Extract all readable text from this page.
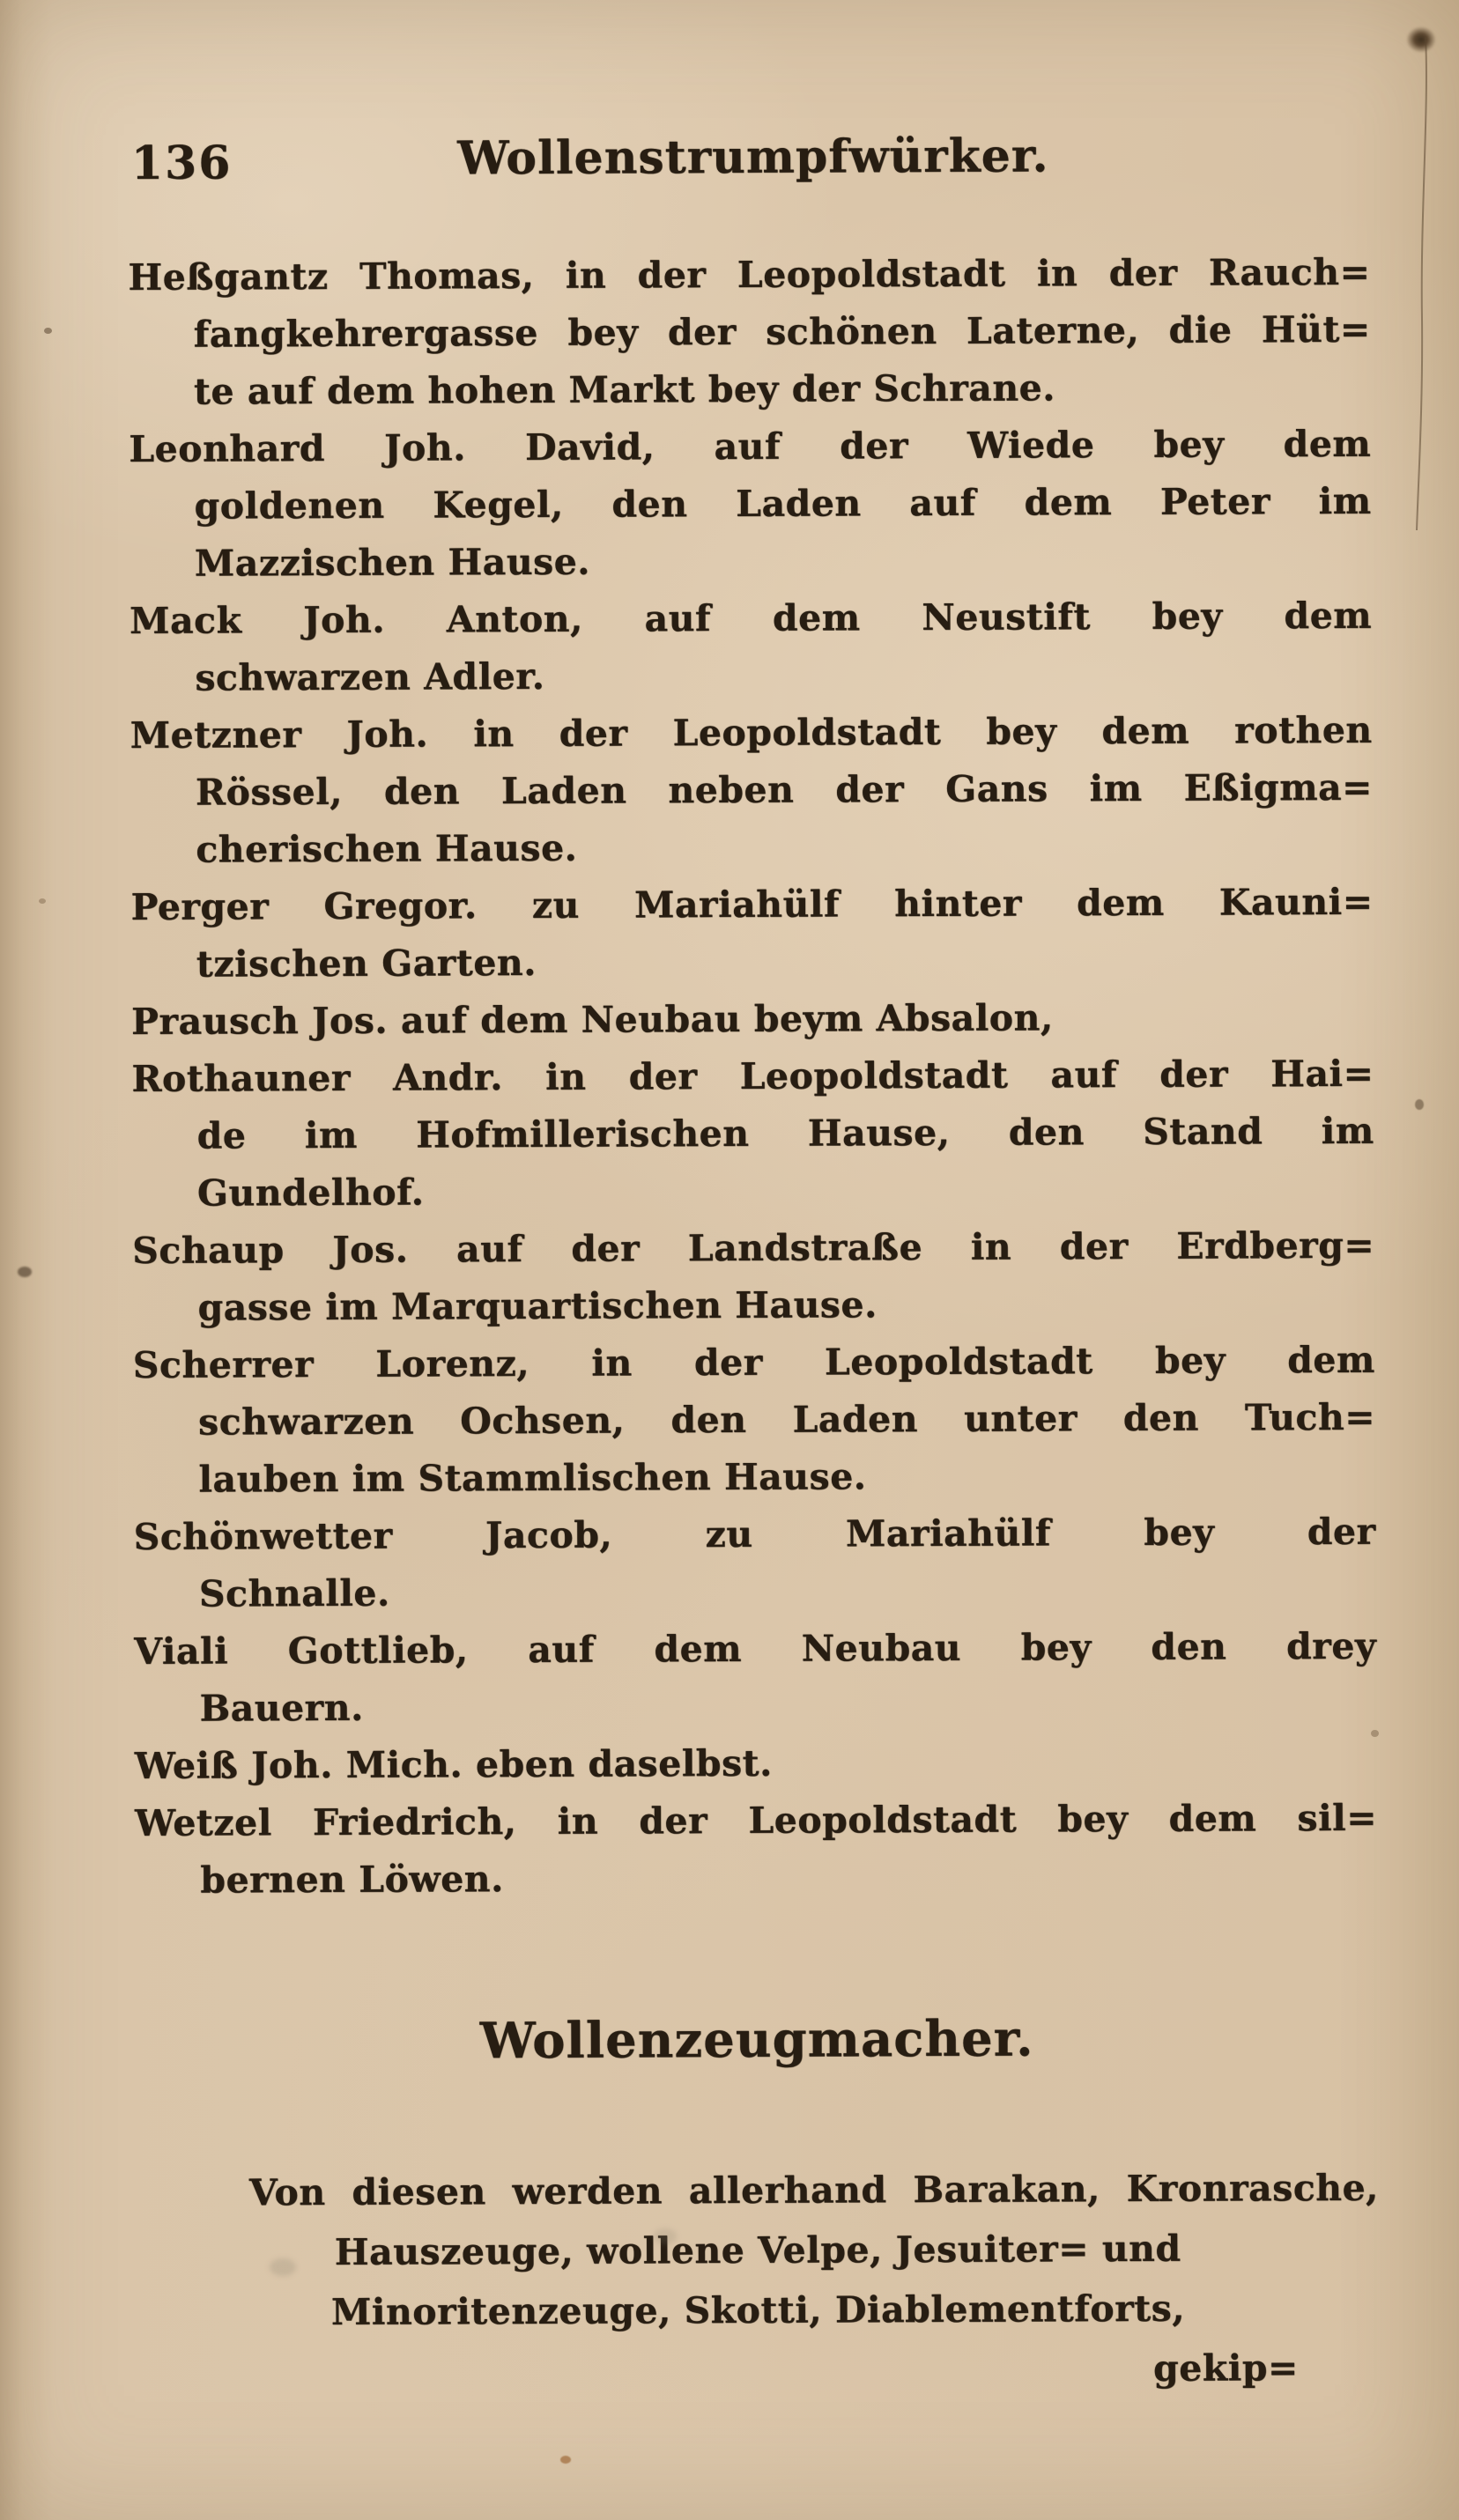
136	Wollenstrumpfwürker.
Heßgantz Thomas, in der Leopoldstadt in der Rauch=
fangkehrergasse bey der schönen Laterne, die Hüt=
te auf dem hohen Markt bey der Schrane.
Leonhard Joh. David, auf der Wiede bey dem
goldenen Kegel, den Laden auf dem Peter im
Mazzischen Hause.
Mack Joh. Anton, auf dem Neustift bey dem
schwarzen Adler.
Metzner Joh. in der Leopoldstadt bey dem rothen
Rössel, den Laden neben der Gans im Eßigma=
cherischen Hause.
Perger Gregor. zu Mariahülf hinter dem Kauni=
tzischen Garten.
Prausch Jos. auf dem Neubau beym Absalon,
Rothauner Andr. in der Leopoldstadt auf der Hai=
de im Hofmillerischen Hause, den Stand im
Gundelhof.
Schaup Jos. auf der Landstraße in der Erdberg=
gasse im Marquartischen Hause.
Scherrer Lorenz, in der Leopoldstadt bey dem
schwarzen Ochsen, den Laden unter den Tuch=
lauben im Stammlischen Hause.
Schönwetter Jacob, zu Mariahülf bey der
Schnalle.
Viali Gottlieb, auf dem Neubau bey den drey
Bauern.
Weiß Joh. Mich. eben daselbst.
Wetzel Friedrich, in der Leopoldstadt bey dem sil=
bernen Löwen.
Wollenzeugmacher.
Von diesen werden allerhand Barakan, Kronrasche,
Hauszeuge, wollene Velpe, Jesuiter= und
Minoritenzeuge, Skotti, Diablementforts,
gekip=
